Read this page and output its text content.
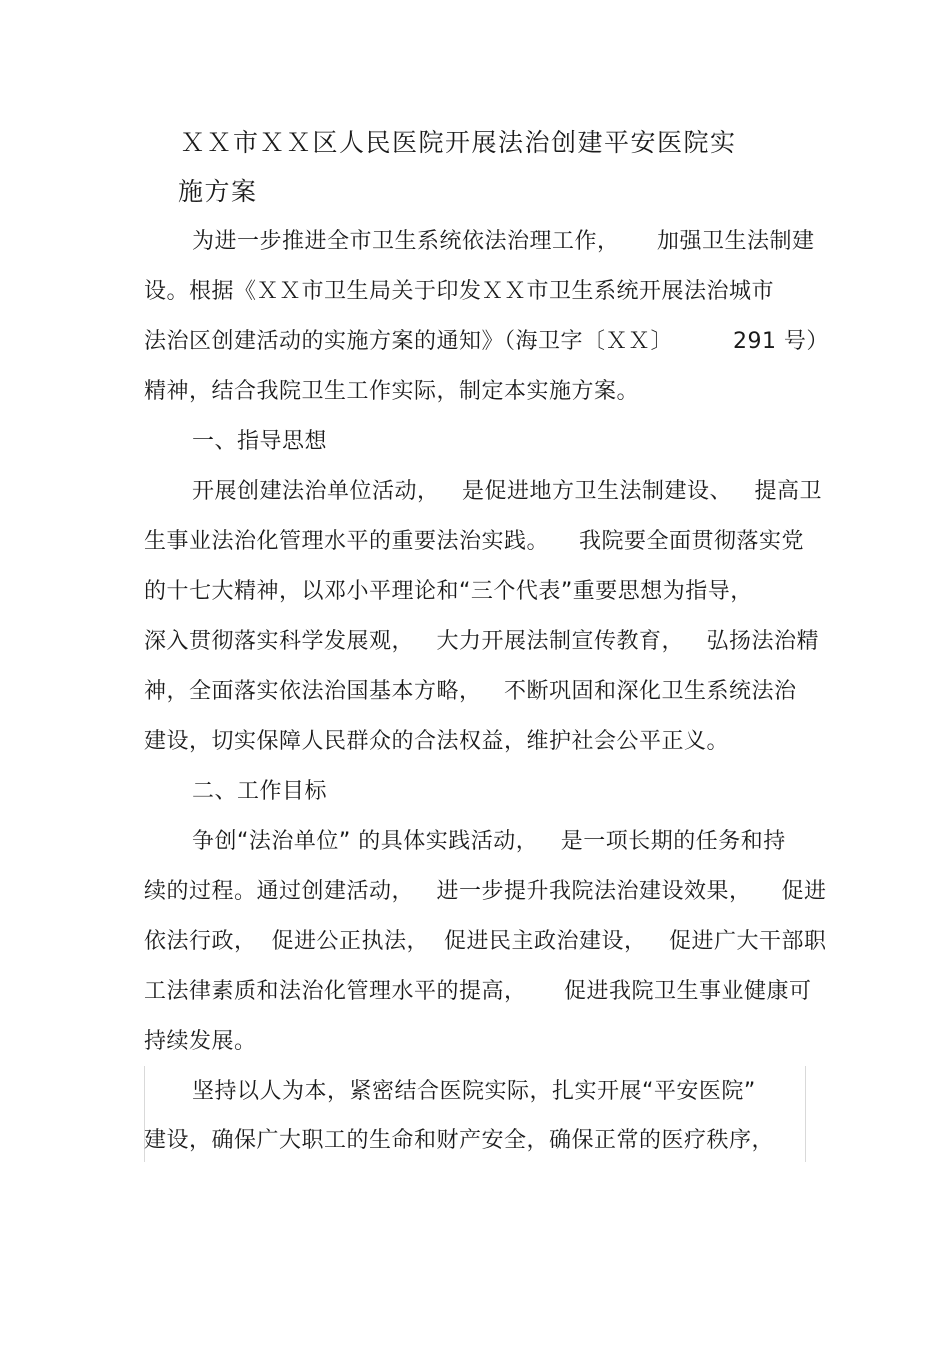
ＸＸ市ＸＸ区人民医院开展法治创建平安医院实
施方案
为进一步推进全市卫生系统依法治理工作，     加强卫生法制建
设。根据《ＸＸ市卫生局关于印发ＸＸ市卫生系统开展法治城市
法治区创建活动的实施方案的通知》（海卫字〔ＸＸ〕        291 号）
精神，结合我院卫生工作实际，制定本实施方案。
一、指导思想
开展创建法治单位活动，   是促进地方卫生法制建设、   提高卫
生事业法治化管理水平的重要法治实践。    我院要全面贯彻落实党
的十七大精神，以邓小平理论和“三个代表”重要思想为指导，
深入贯彻落实科学发展观，   大力开展法制宣传教育，   弘扬法治精
神，全面落实依法治国基本方略，   不断巩固和深化卫生系统法治
建设，切实保障人民群众的合法权益，维护社会公平正义。
二、工作目标
争创“法治单位” 的具体实践活动，   是一项长期的任务和持
续的过程。通过创建活动，   进一步提升我院法治建设效果，    促进
依法行政，  促进公正执法，  促进民主政治建设，   促进广大干部职
工法律素质和法治化管理水平的提高，     促进我院卫生事业健康可
持续发展。
坚持以人为本，紧密结合医院实际，扎实开展“平安医院”
建设，确保广大职工的生命和财产安全，确保正常的医疗秩序，
